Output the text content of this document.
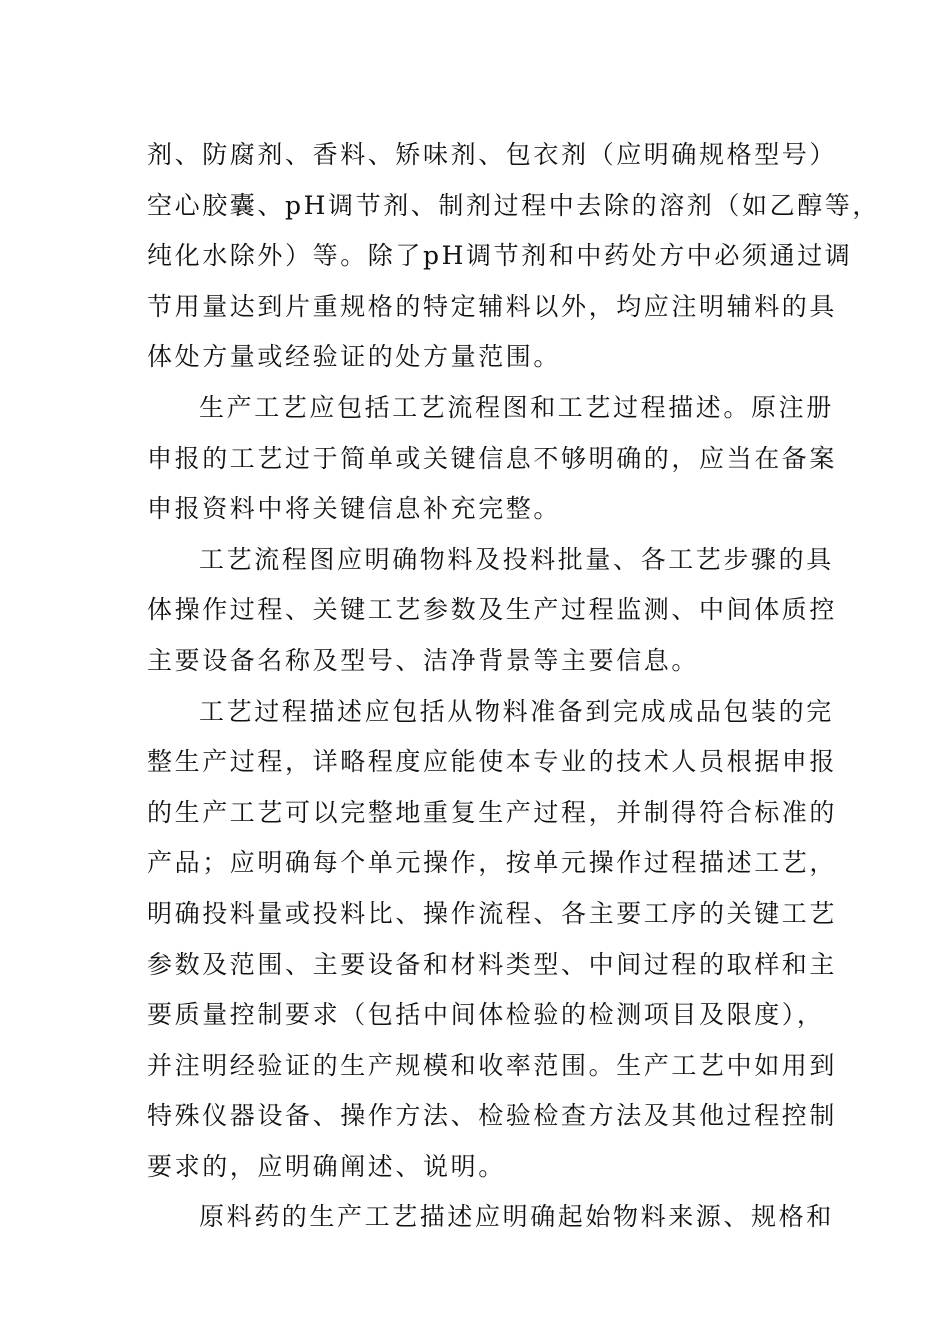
剂、防腐剂、香料、矫味剂、包衣剂（应明确规格型号）
空心胶囊、pH调节剂、制剂过程中去除的溶剂（如乙醇等，
纯化水除外）等。除了pH调节剂和中药处方中必须通过调
节用量达到片重规格的特定辅料以外，均应注明辅料的具
体处方量或经验证的处方量范围。
生产工艺应包括工艺流程图和工艺过程描述。原注册
申报的工艺过于简单或关键信息不够明确的，应当在备案
申报资料中将关键信息补充完整。
工艺流程图应明确物料及投料批量、各工艺步骤的具
体操作过程、关键工艺参数及生产过程监测、中间体质控
主要设备名称及型号、洁净背景等主要信息。
工艺过程描述应包括从物料准备到完成成品包装的完
整生产过程，详略程度应能使本专业的技术人员根据申报
的生产工艺可以完整地重复生产过程，并制得符合标准的
产品；应明确每个单元操作，按单元操作过程描述工艺，
明确投料量或投料比、操作流程、各主要工序的关键工艺
参数及范围、主要设备和材料类型、中间过程的取样和主
要质量控制要求（包括中间体检验的检测项目及限度），
并注明经验证的生产规模和收率范围。生产工艺中如用到
特殊仪器设备、操作方法、检验检查方法及其他过程控制
要求的，应明确阐述、说明。
原料药的生产工艺描述应明确起始物料来源、规格和
